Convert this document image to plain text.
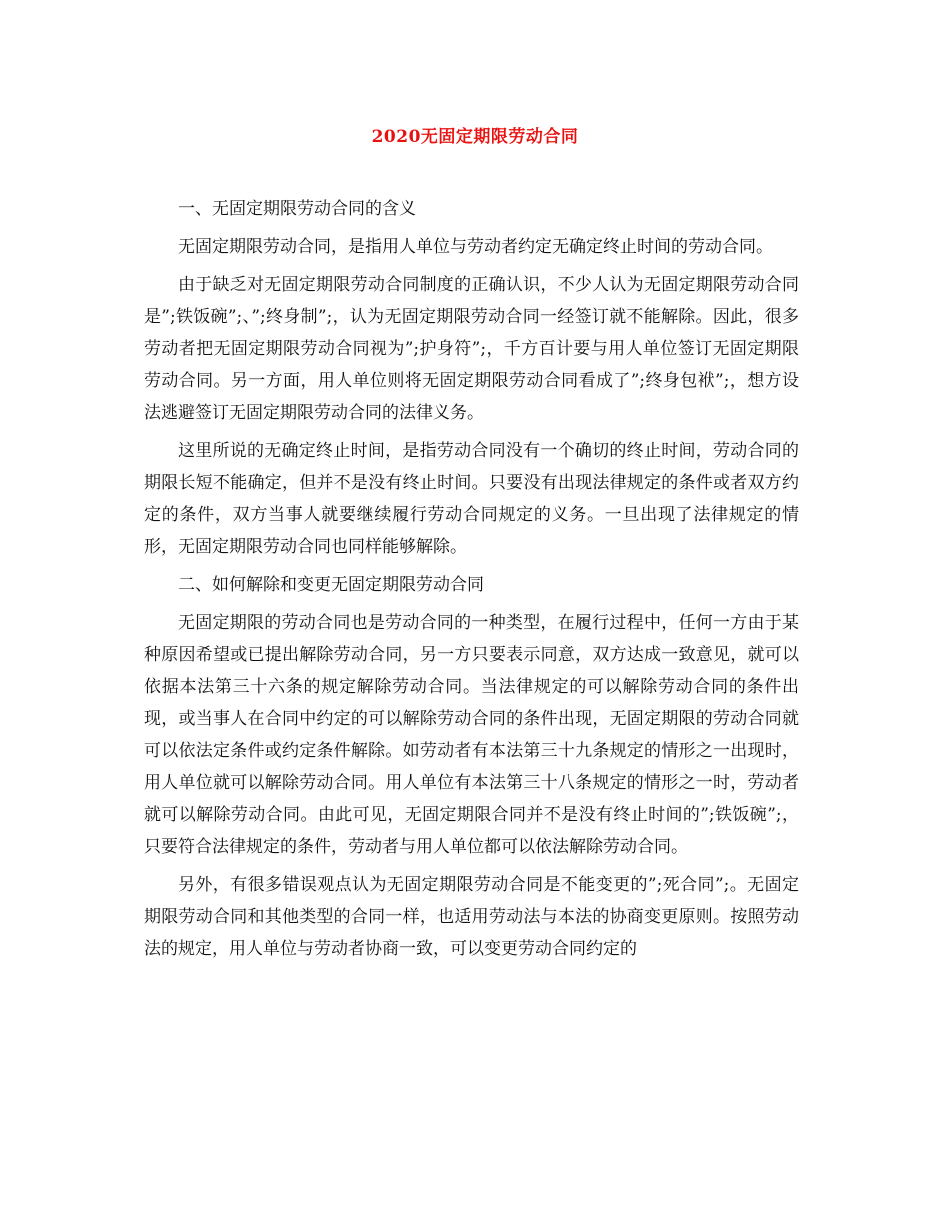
2020无固定期限劳动合同

一、无固定期限劳动合同的含义

无固定期限劳动合同，是指用人单位与劳动者约定无确定终止时间的劳动合同。

由于缺乏对无固定期限劳动合同制度的正确认识，不少人认为无固定期限劳动合同是”;铁饭碗”;、”;终身制”;，认为无固定期限劳动合同一经签订就不能解除。因此，很多劳动者把无固定期限劳动合同视为”;护身符”;，千方百计要与用人单位签订无固定期限劳动合同。另一方面，用人单位则将无固定期限劳动合同看成了”;终身包袱”;，想方设法逃避签订无固定期限劳动合同的法律义务。

这里所说的无确定终止时间，是指劳动合同没有一个确切的终止时间，劳动合同的期限长短不能确定，但并不是没有终止时间。只要没有出现法律规定的条件或者双方约定的条件，双方当事人就要继续履行劳动合同规定的义务。一旦出现了法律规定的情形，无固定期限劳动合同也同样能够解除。

二、如何解除和变更无固定期限劳动合同

无固定期限的劳动合同也是劳动合同的一种类型，在履行过程中，任何一方由于某种原因希望或已提出解除劳动合同，另一方只要表示同意，双方达成一致意见，就可以依据本法第三十六条的规定解除劳动合同。当法律规定的可以解除劳动合同的条件出现，或当事人在合同中约定的可以解除劳动合同的条件出现，无固定期限的劳动合同就可以依法定条件或约定条件解除。如劳动者有本法第三十九条规定的情形之一出现时，用人单位就可以解除劳动合同。用人单位有本法第三十八条规定的情形之一时，劳动者就可以解除劳动合同。由此可见，无固定期限合同并不是没有终止时间的”;铁饭碗”;，只要符合法律规定的条件，劳动者与用人单位都可以依法解除劳动合同。

另外，有很多错误观点认为无固定期限劳动合同是不能变更的”;死合同”;。无固定期限劳动合同和其他类型的合同一样，也适用劳动法与本法的协商变更原则。按照劳动法的规定，用人单位与劳动者协商一致，可以变更劳动合同约定的
